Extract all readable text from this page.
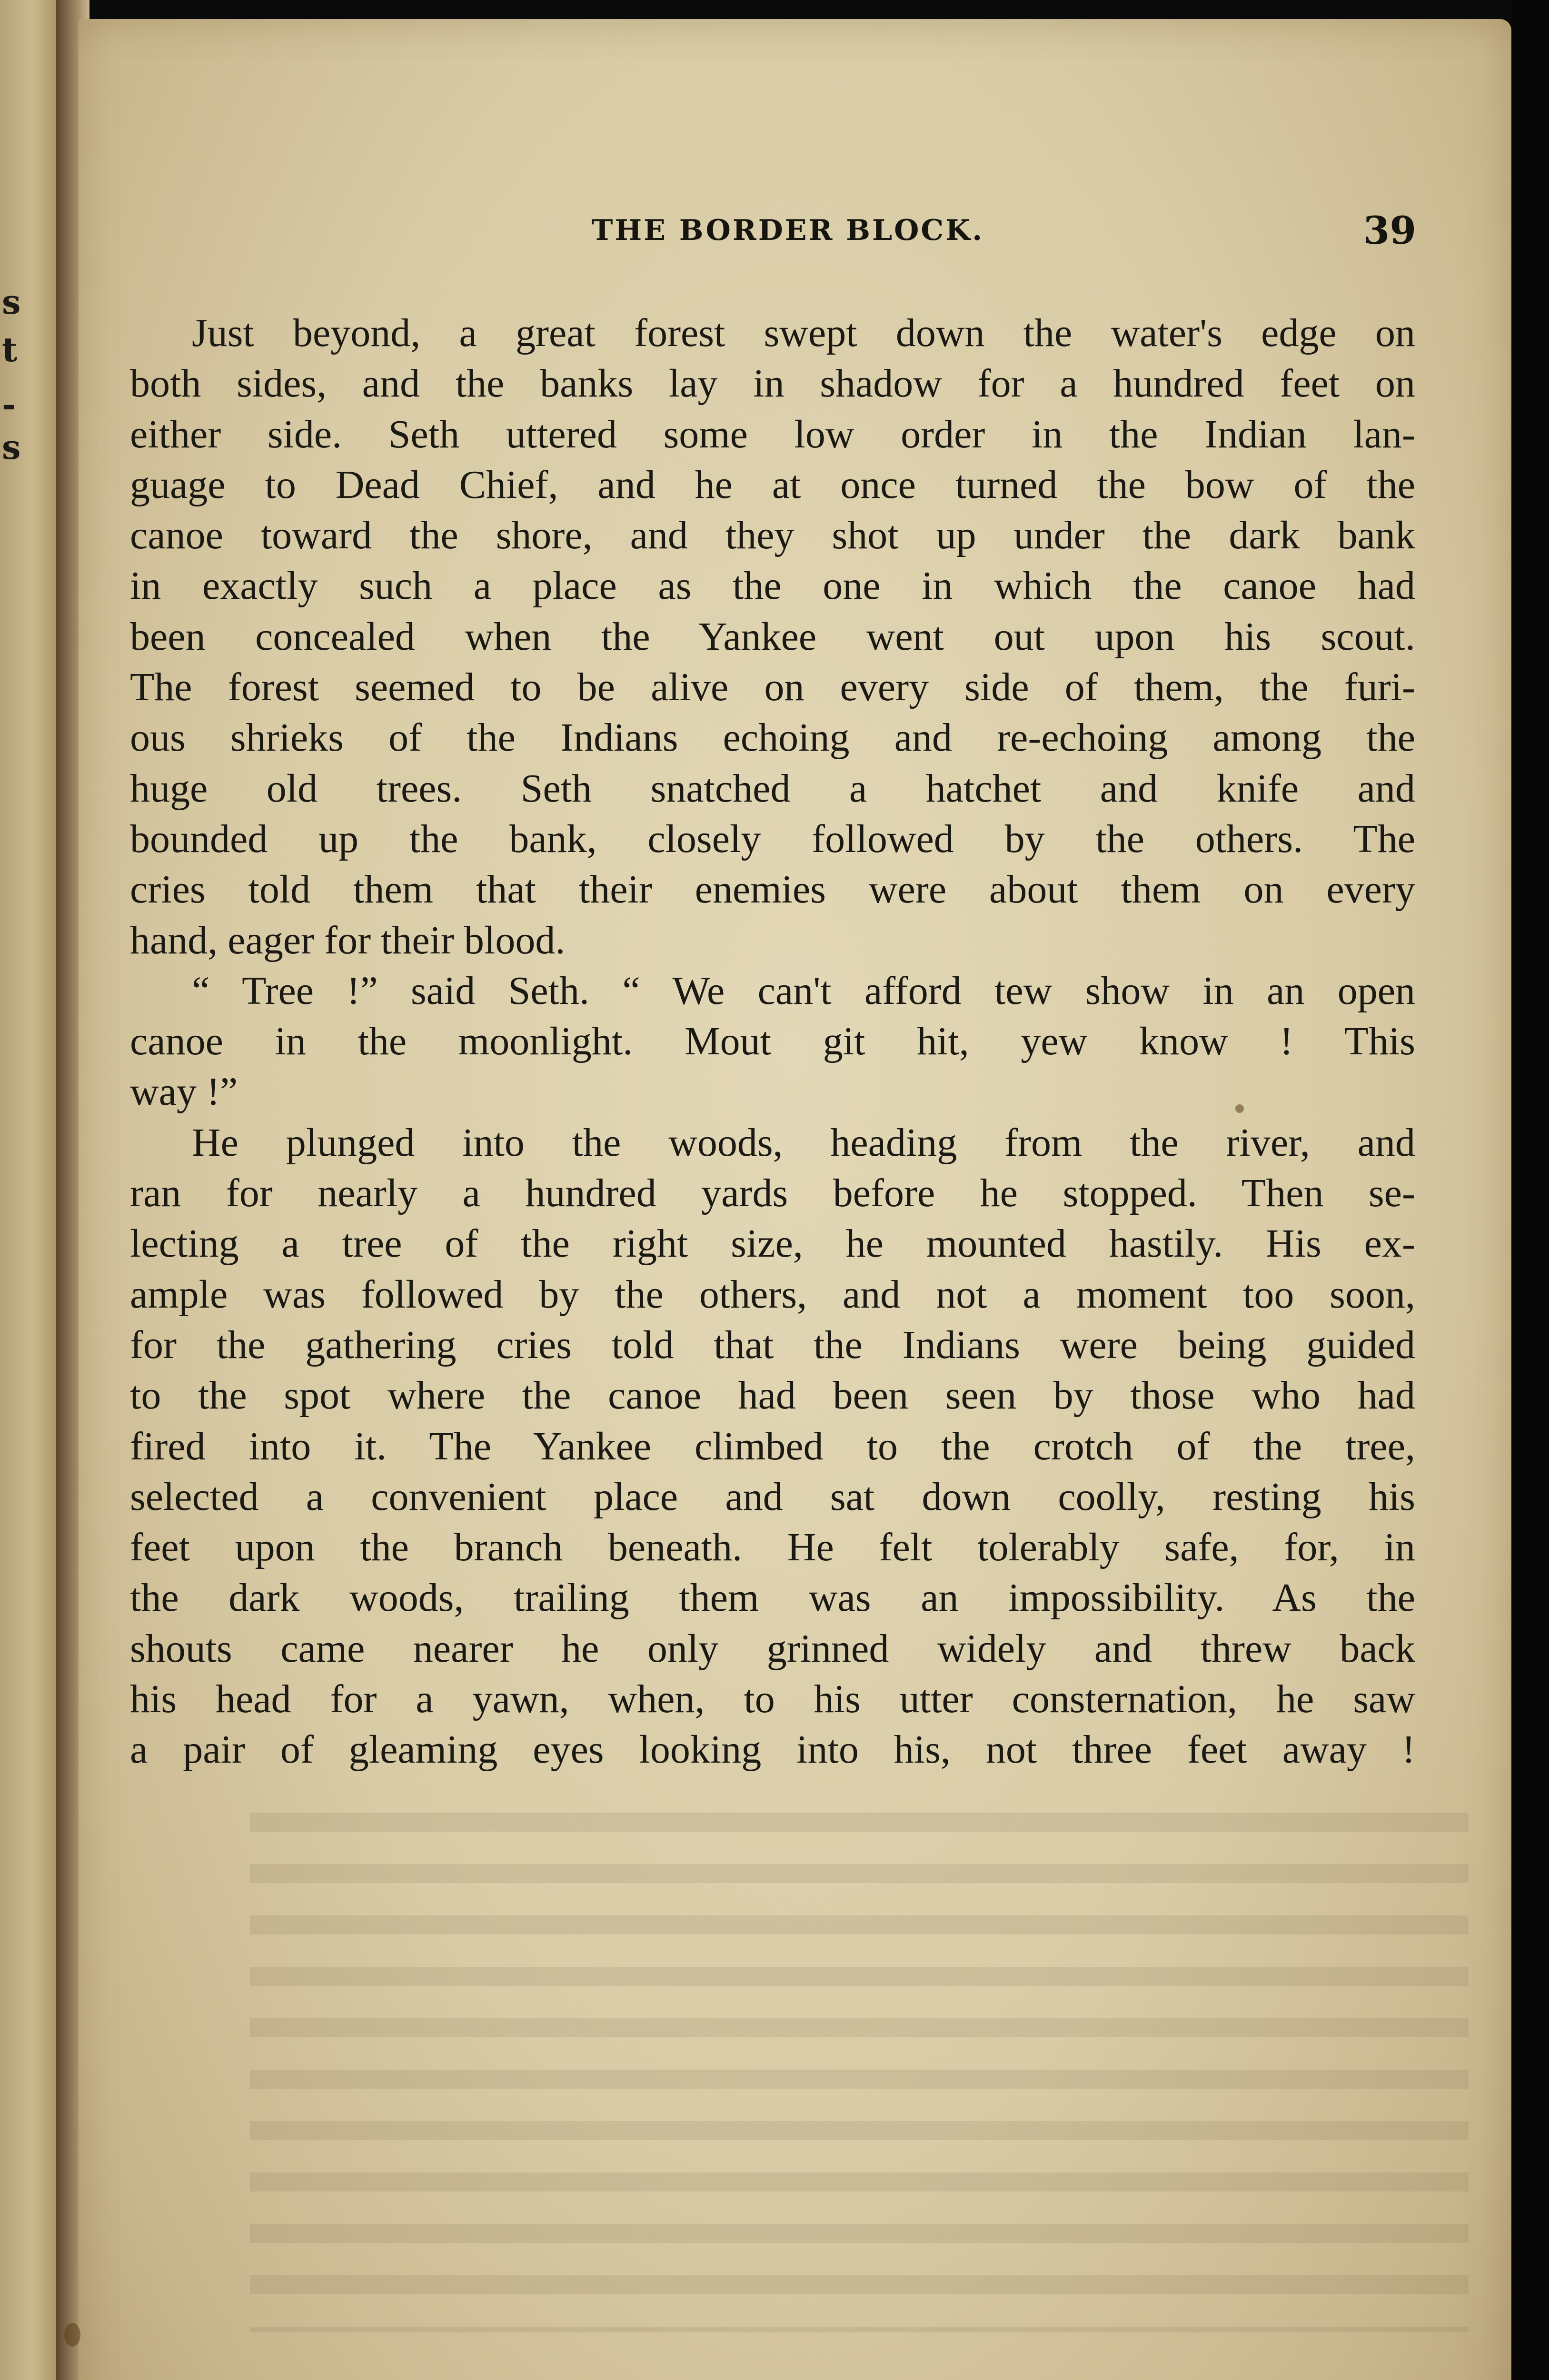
s
t
-
s
THE BORDER BLOCK.	39
Just beyond, a great forest swept down the water's edge on
both sides, and the banks lay in shadow for a hundred feet on
either side. Seth uttered some low order in the Indian lan-
guage to Dead Chief, and he at once turned the bow of the
canoe toward the shore, and they shot up under the dark bank
in exactly such a place as the one in which the canoe had
been concealed when the Yankee went out upon his scout.
The forest seemed to be alive on every side of them, the furi-
ous shrieks of the Indians echoing and re-echoing among the
huge old trees. Seth snatched a hatchet and knife and
bounded up the bank, closely followed by the others. The
cries told them that their enemies were about them on every
hand, eager for their blood.
“ Tree !” said Seth. “ We can't afford tew show in an open
canoe in the moonlight. Mout git hit, yew know ! This
way !”
He plunged into the woods, heading from the river, and
ran for nearly a hundred yards before he stopped. Then se-
lecting a tree of the right size, he mounted hastily. His ex-
ample was followed by the others, and not a moment too soon,
for the gathering cries told that the Indians were being guided
to the spot where the canoe had been seen by those who had
fired into it. The Yankee climbed to the crotch of the tree,
selected a convenient place and sat down coolly, resting his
feet upon the branch beneath. He felt tolerably safe, for, in
the dark woods, trailing them was an impossibility. As the
shouts came nearer he only grinned widely and threw back
his head for a yawn, when, to his utter consternation, he saw
a pair of gleaming eyes looking into his, not three feet away !
